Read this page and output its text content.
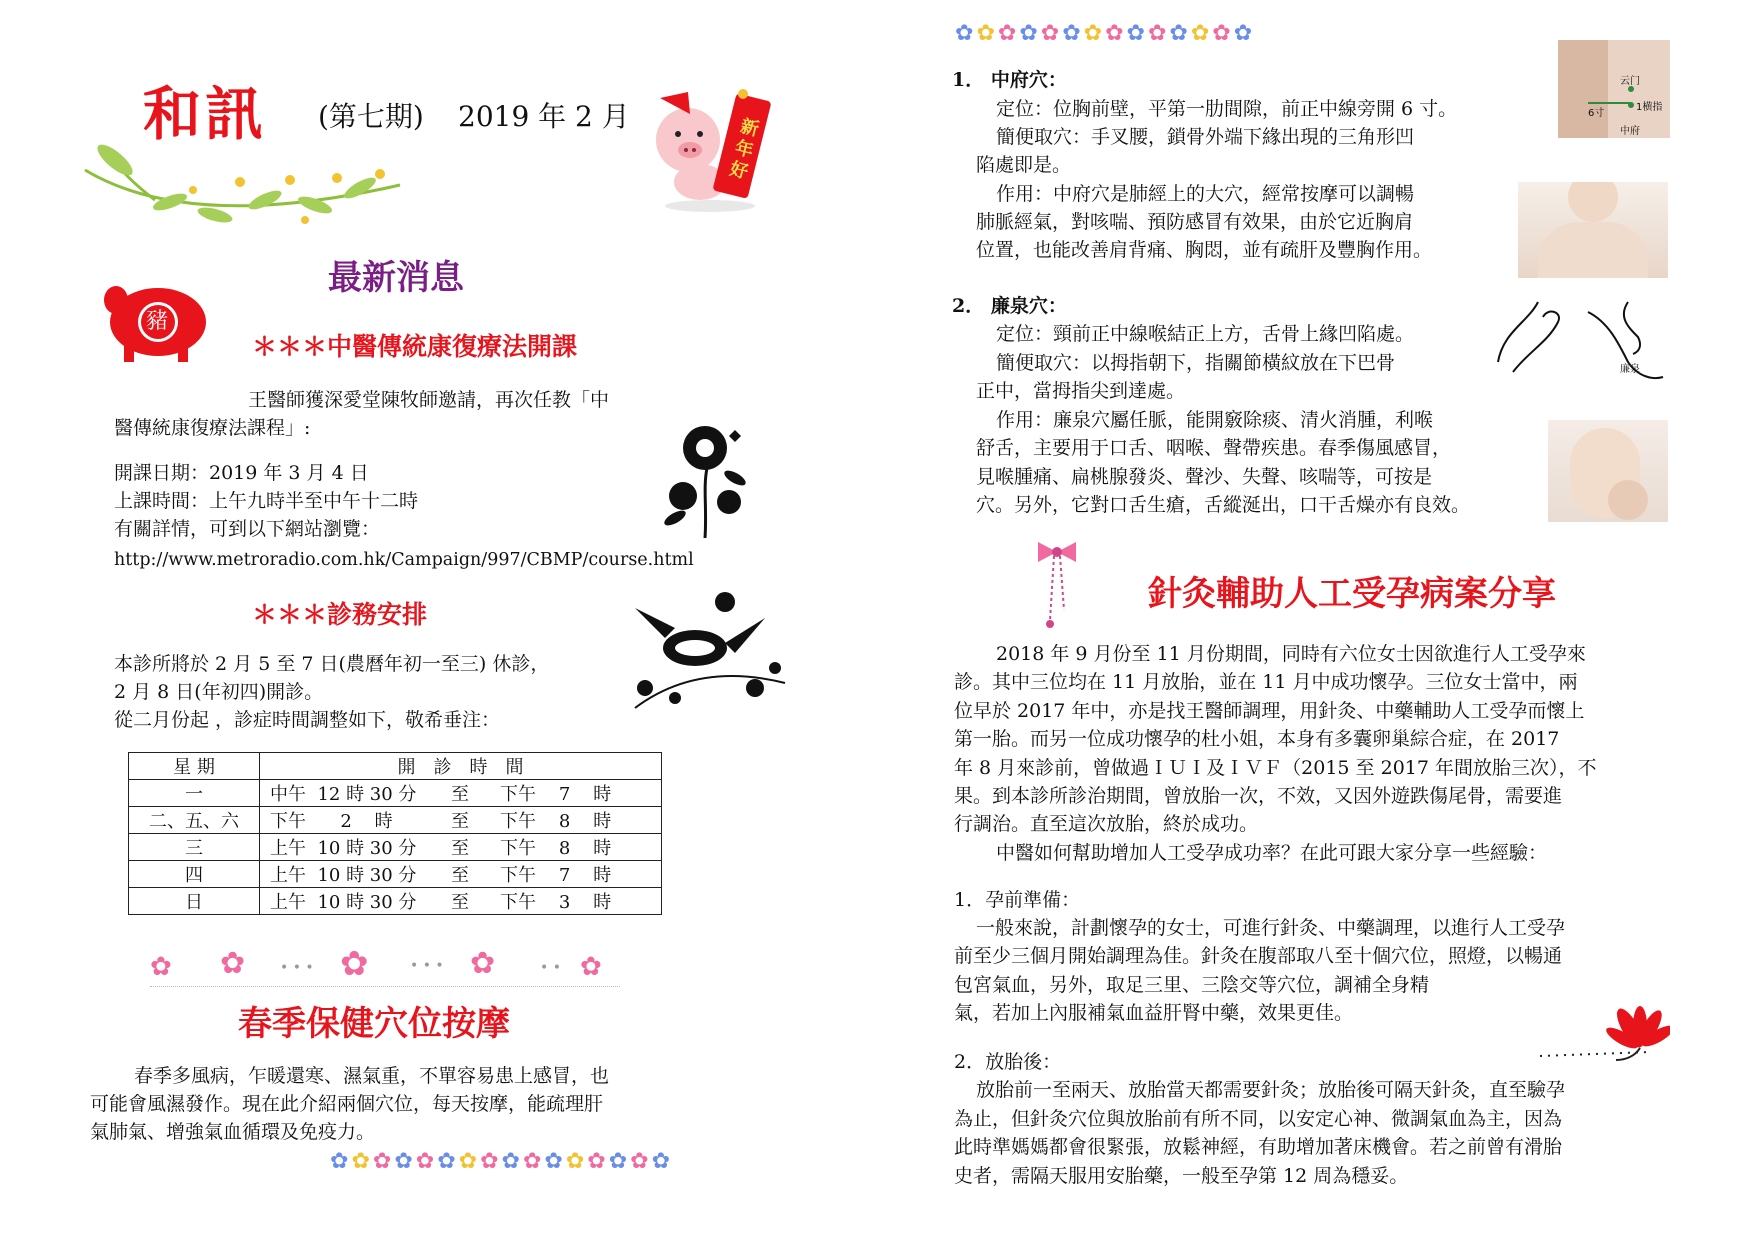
和訊 (第七期) 2019 年 2 月	新年好
豬
最新消息
＊＊＊中醫傳統康復療法開課

王醫師獲深愛堂陳牧師邀請，再次任教「中

醫傳統康復療法課程」:

開課日期：2019 年 3 月 4 日

上課時間：上午九時半至中午十二時

有關詳情，可到以下網站瀏覽：

http://www.metroradio.com.hk/Campaign/997/CBMP/course.html

＊＊＊診務安排

本診所將於 2 月 5 至 7 日(農曆年初一至三) 休診，

2 月 8 日(年初四)開診。

從二月份起 ，診症時間調整如下，敬希垂注：

星 期	開　診　時　間		
一	中午  12 時 30 分	至	下午    7    時
二、五、六	下午      2    時	至	下午    8    時
三	上午  10 時 30 分	至	下午    8    時
四	上午  10 時 30 分	至	下午    7    時
日	上午  10 時 30 分	至	下午    3    時
✿ ✿ • • • ✿	• • • ✿	• • ✿
春季保健穴位按摩

春季多風病，乍暖還寒、濕氣重，不單容易患上感冒，也

可能會風濕發作。現在此介紹兩個穴位，每天按摩，能疏理肝

氣肺氣、增強氣血循環及免疫力。

✿ ✿ ✿ ✿ ✿ ✿ ✿ ✿ ✿ ✿ ✿ ✿ ✿ ✿ ✿ ✿
✿ ✿ ✿ ✿ ✿ ✿ ✿ ✿ ✿ ✿ ✿ ✿ ✿ ✿

1． 中府穴：

定位：位胸前壁，平第一肋間隙，前正中線旁開 6 寸。

簡便取穴：手叉腰，鎖骨外端下緣出現的三角形凹

陷處即是。

作用：中府穴是肺經上的大穴，經常按摩可以調暢

肺脈經氣，對咳喘、預防感冒有效果，由於它近胸肩

位置，也能改善肩背痛、胸悶，並有疏肝及豐胸作用。

云门
6寸
1横指
中府

2． 廉泉穴：

定位：頸前正中線喉結正上方，舌骨上緣凹陷處。

簡便取穴：以拇指朝下，指關節橫紋放在下巴骨

正中，當拇指尖到達處。

作用：廉泉穴屬任脈，能開竅除痰、清火消腫，利喉

舒舌，主要用于口舌、咽喉、聲帶疾患。春季傷風感冒，

見喉腫痛、扁桃腺發炎、聲沙、失聲、咳喘等，可按是

穴。另外，它對口舌生瘡，舌縱涎出，口干舌燥亦有良效。

廉泉
針灸輔助人工受孕病案分享

2018 年 9 月份至 11 月份期間，同時有六位女士因欲進行人工受孕來

診。其中三位均在 11 月放胎，並在 11 月中成功懷孕。三位女士當中，兩

位早於 2017 年中，亦是找王醫師調理，用針灸、中藥輔助人工受孕而懷上

第一胎。而另一位成功懷孕的杜小姐，本身有多囊卵巢綜合症，在 2017

年 8 月來診前，曾做過ＩＵＩ及ＩＶＦ（2015 至 2017 年間放胎三次），不

果。到本診所診治期間，曾放胎一次，不效，又因外遊跌傷尾骨，需要進

行調治。直至這次放胎，終於成功。

中醫如何幫助增加人工受孕成功率？在此可跟大家分享一些經驗：

1．孕前準備：

一般來說，計劃懷孕的女士，可進行針灸、中藥調理，以進行人工受孕

前至少三個月開始調理為佳。針灸在腹部取八至十個穴位，照燈，以暢通

包宮氣血，另外，取足三里、三陰交等穴位，調補全身精

氣，若加上內服補氣血益肝腎中藥，效果更佳。

2．放胎後：

放胎前一至兩天、放胎當天都需要針灸；放胎後可隔天針灸，直至驗孕

為止，但針灸穴位與放胎前有所不同，以安定心神、微調氣血為主，因為

此時準媽媽都會很緊張，放鬆神經，有助增加著床機會。若之前曾有滑胎

史者，需隔天服用安胎藥，一般至孕第 12 周為穩妥。
